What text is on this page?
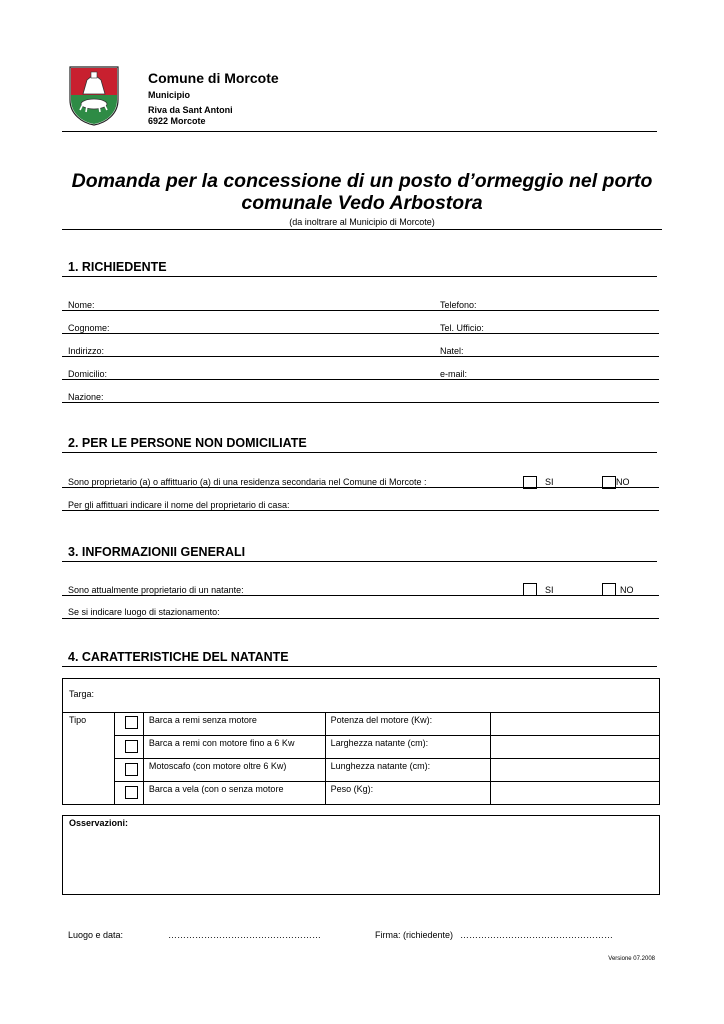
Comune di Morcote
Municipio
Riva da Sant Antoni
6922 Morcote
Domanda per la concessione di un posto d’ormeggio nel porto
comunale Vedo Arbostora
(da inoltrare al Municipio di Morcote)
1. RICHIEDENTE
Nome:	Telefono:
Cognome:	Tel. Ufficio:
Indirizzo:	Natel:
Domicilio:	e-mail:
Nazione:
2. PER LE PERSONE NON DOMICILIATE
Sono proprietario (a) o affittuario (a) di una residenza secondaria nel Comune di Morcote :	SI	NO
Per gli affittuari indicare il nome del proprietario di casa:
3. INFORMAZIONII GENERALI
Sono attualmente proprietario di un natante:	SI	NO
Se si indicare luogo di stazionamento:
4. CARATTERISTICHE DEL NATANTE
Targa:				
Tipo		Barca a remi senza motore	Potenza del motore (Kw):	

		Barca a remi con motore fino a 6 Kw	Larghezza natante (cm):	

		Motoscafo (con motore oltre 6 Kw)	Lunghezza natante (cm):	

		Barca a vela (con o senza motore	Peso (Kg):	
Osservazioni:
Luogo e data:	……………………………………………	Firma: (richiedente) ……………………………………………
Versione 07.2008
